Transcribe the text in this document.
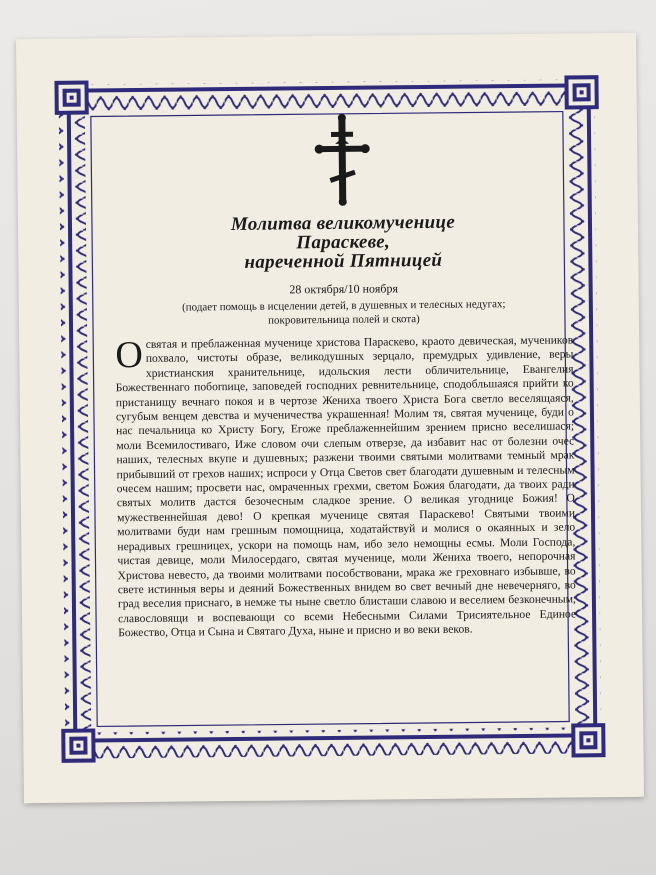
Молитва великомученице
Параскеве,
нареченной Пятницей
28 октября/10 ноября
(подает помощь в исцелении детей, в душевных и телесных недугах;
покровительница полей и скота)
О святая и преблаженная мученице христова Параскево, краото девическая, мучеников похвало, чистоты образе, великодушных зерцало, премудрых удивление, веры христианския хранительнице, идольския лести обличительнице, Евангелия Божественнаго побornице, заповедей господних ревнительнице, сподобльшаяся прийти ко пристанищу вечнаго покоя и в чертозе Жениха твоего Христа Бога светло веселящаяся, сугубым венцем девства и мученичества украшенная! Молим тя, святая мученице, буди о нас печальница ко Христу Богу, Егоже преблаженнейшим зрением присно веселишася; моли Всемилостиваго, Иже словом очи слепым отверзе, да избавит нас от болезни очес наших, телесных вкупе и душевных; разжени твоими святыми молитвами темный мрак прибывший от грехов наших; испроси у Отца Светов свет благодати душевным и телесным очесем нашим; просвети нас, омраченных грехми, светом Божия благодати, да твоих ради святых молитв дастся безочесным сладкое зрение. О великая угоднице Божия! О мужественнейшая дево! О крепкая мученице святая Параскево! Святыми твоими молитвами буди нам грешным помощница, ходатайствуй и молися о окаянных и зело нерадивых грешницех, ускори на помощь нам, ибо зело немощны есмы. Моли Господа, чистая девице, моли Милосердаго, святая мученице, моли Жениха твоего, непорочная Христова невесто, да твоими молитвами пособствовани, мрака же греховнаго избывше, во свете истинныя веры и деяний Божественных внидем во свет вечный дне невечерняго, во град веселия приснаго, в немже ты ныне светло блисташи славою и веселием безконечным, славословящи и воспевающи со всеми Небесными Силами Трисиятельное Единое Божество, Отца и Сына и Святаго Духа, ныне и присно и во веки веков.
